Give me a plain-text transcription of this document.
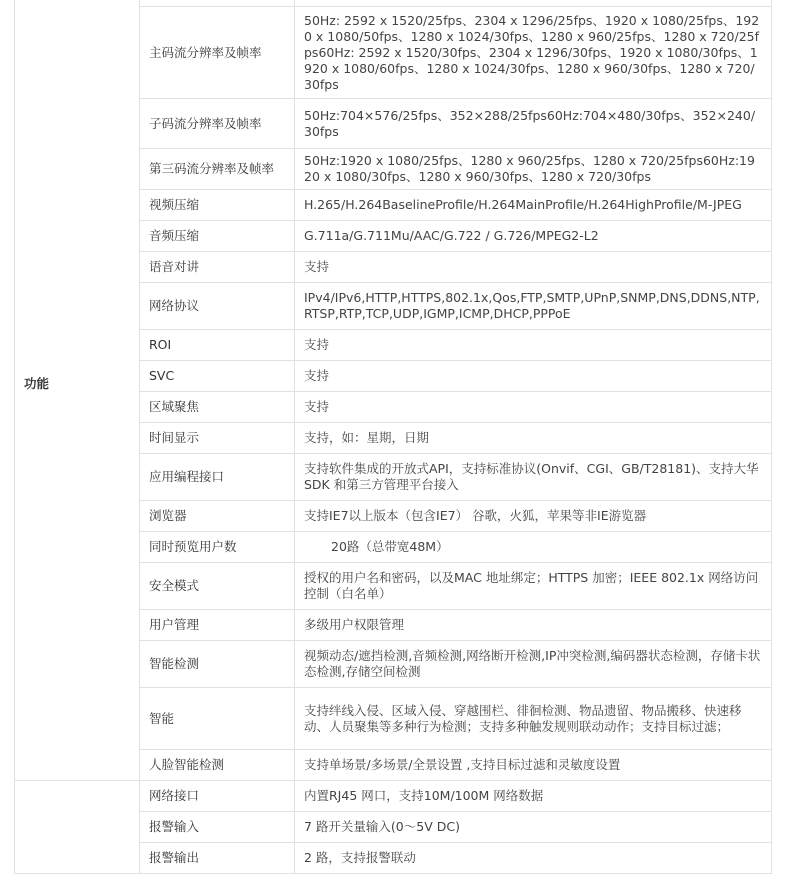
功能		
	主码流分辨率及帧率	50Hz: 2592 x 1520/25fps、2304 x 1296/25fps、1920 x 1080/25fps、1920 x 1080/50fps、1280 x 1024/30fps、1280 x 960/25fps、1280 x 720/25fps60Hz: 2592 x 1520/30fps、2304 x 1296/30fps、1920 x 1080/30fps、1920 x 1080/60fps、1280 x 1024/30fps、1280 x 960/30fps、1280 x 720/30fps
	子码流分辨率及帧率	50Hz:704×576/25fps、352×288/25fps60Hz:704×480/30fps、352×240/30fps
	第三码流分辨率及帧率	50Hz:1920 x 1080/25fps、1280 x 960/25fps、1280 x 720/25fps60Hz:1920 x 1080/30fps、1280 x 960/30fps、1280 x 720/30fps
	视频压缩	H.265/H.264BaselineProfile/H.264MainProfile/H.264HighProfile/M-JPEG
	音频压缩	G.711a/G.711Mu/AAC/G.722 / G.726/MPEG2-L2
	语音对讲	支持
	网络协议	IPv4/IPv6,HTTP,HTTPS,802.1x,Qos,FTP,SMTP,UPnP,SNMP,DNS,DDNS,NTP,RTSP,RTP,TCP,UDP,IGMP,ICMP,DHCP,PPPoE
	ROI	支持
	SVC	支持
	区域聚焦	支持
	时间显示	支持，如：星期，日期
	应用编程接口	支持软件集成的开放式API，支持标准协议(Onvif、CGI、GB/T28181)、支持大华SDK 和第三方管理平台接入
	浏览器	支持IE7以上版本（包含IE7） 谷歌，火狐，苹果等非IE游览器
	同时预览用户数	20路（总带宽48M）
	安全模式	授权的用户名和密码，以及MAC 地址绑定；HTTPS 加密；IEEE 802.1x 网络访问控制（白名单）
	用户管理	多级用户权限管理
	智能检测	视频动态/遮挡检测,音频检测,网络断开检测,IP冲突检测,编码器状态检测，存储卡状态检测,存储空间检测
	智能	支持绊线入侵、区域入侵、穿越围栏、徘徊检测、物品遗留、物品搬移、快速移动、人员聚集等多种行为检测；支持多种触发规则联动动作；支持目标过滤；
	人脸智能检测	支持单场景/多场景/全景设置 ,支持目标过滤和灵敏度设置
	网络接口	内置RJ45 网口，支持10M/100M 网络数据
	报警输入	7 路开关量输入(0～5V DC)
	报警输出	2 路，支持报警联动
